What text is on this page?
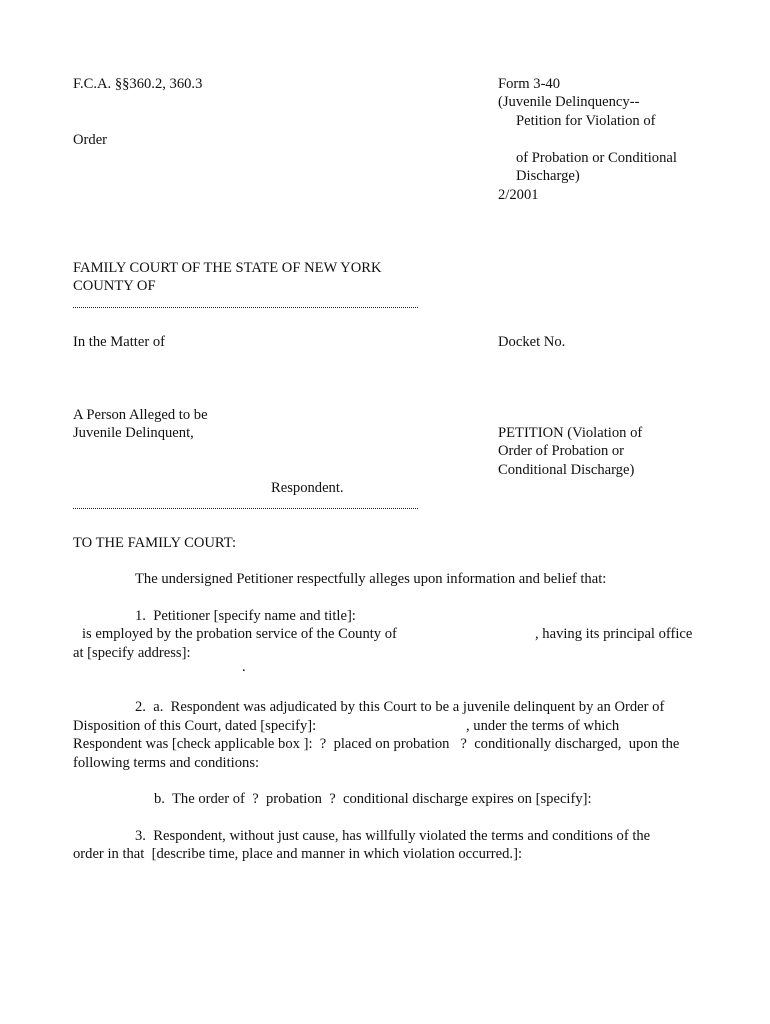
F.C.A. §§360.2, 360.3
Order
Form 3-40
(Juvenile Delinquency--
Petition for Violation of
of Probation or Conditional
Discharge)
2/2001
FAMILY COURT OF THE STATE OF NEW YORK
COUNTY OF
In the Matter of	Docket No.
A Person Alleged to be
Juvenile Delinquent,	PETITION (Violation of
Order of Probation or
Conditional Discharge)
Respondent.
TO THE FAMILY COURT:
The undersigned Petitioner respectfully alleges upon information and belief that:
1.  Petitioner [specify name and title]:
is employed by the probation service of the County of	, having its principal office
at [specify address]:
.
2.  a.  Respondent was adjudicated by this Court to be a juvenile delinquent by an Order of
Disposition of this Court, dated [specify]:	, under the terms of which
Respondent was [check applicable box ]:  ?  placed on probation   ?  conditionally discharged,  upon the
following terms and conditions:
b.  The order of  ?  probation  ?  conditional discharge expires on [specify]:
3.  Respondent, without just cause, has willfully violated the terms and conditions of the
order in that  [describe time, place and manner in which violation occurred.]:
